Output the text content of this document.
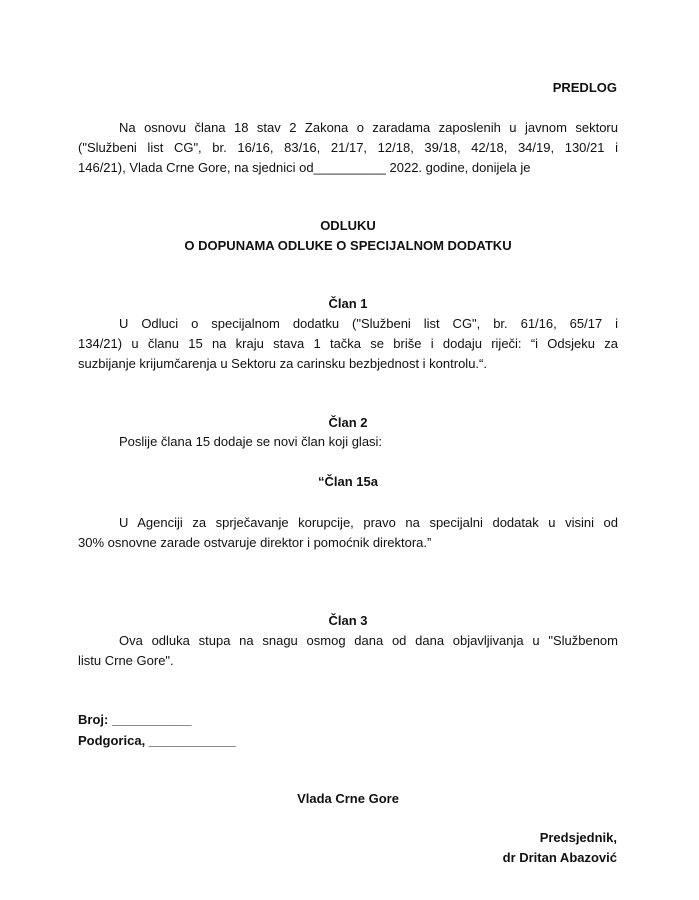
PREDLOG
Na osnovu člana 18 stav 2 Zakona o zaradama zaposlenih u javnom sektoru
("Službeni list CG", br. 16/16, 83/16, 21/17, 12/18, 39/18, 42/18, 34/19, 130/21 i
146/21), Vlada Crne Gore, na sjednici od__________ 2022. godine, donijela je
ODLUKU
O DOPUNAMA ODLUKE O SPECIJALNOM DODATKU
Član 1
U Odluci o specijalnom dodatku ("Službeni list CG", br. 61/16, 65/17 i
134/21) u članu 15 na kraju stava 1 tačka se briše i dodaju riječi: “i Odsjeku za
suzbijanje krijumčarenja u Sektoru za carinsku bezbjednost i kontrolu.“.
Član 2
Poslije člana 15 dodaje se novi član koji glasi:
“Član 15a
U Agenciji za sprječavanje korupcije, pravo na specijalni dodatak u visini od
30% osnovne zarade ostvaruje direktor i pomoćnik direktora.”
Član 3
Ova odluka stupa na snagu osmog dana od dana objavljivanja u "Službenom
listu Crne Gore".
Broj: ___________
Podgorica, ____________
Vlada Crne Gore
Predsjednik,
dr Dritan Abazović
